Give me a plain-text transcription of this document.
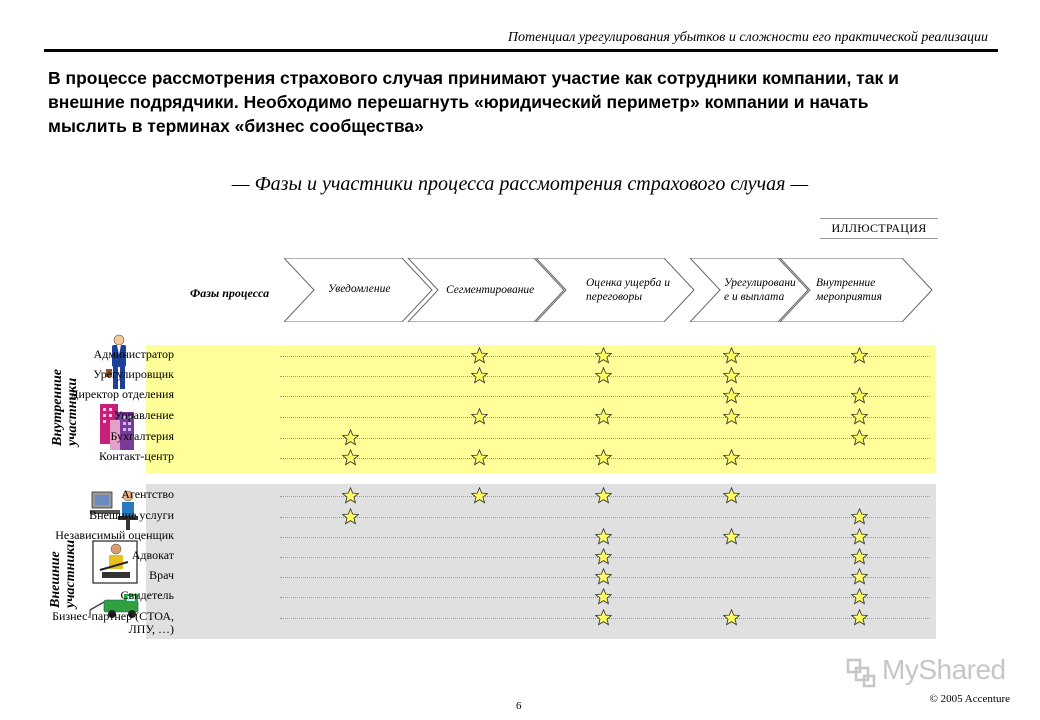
Потенциал урегулирования убытков и сложности его практической реализации
В процессе рассмотрения страхового случая принимают участие как сотрудники компании, так и внешние подрядчики. Необходимо перешагнуть «юридический периметр» компании и начать мыслить в терминах «бизнес сообщества»
— Фазы и участники процесса рассмотрения страхового случая —
ИЛЛЮСТРАЦИЯ
Фазы процесса	Уведомление	Сегментирование
Оценка ущерба и переговоры
Урегулировани е и выплата
Внутренние мероприятия
Внутренние участники
Внешние участники
Администратор
Урегулировщик
Директор отделения
Управление
Бухгалтерия
Контакт-центр
Агентство
Внешние услуги
Независимый оценщик
Адвокат
Врач
Свидетель
Бизнес-партнер (СТОА, ЛПУ, …)
6
© 2005 Accenture
MyShared
